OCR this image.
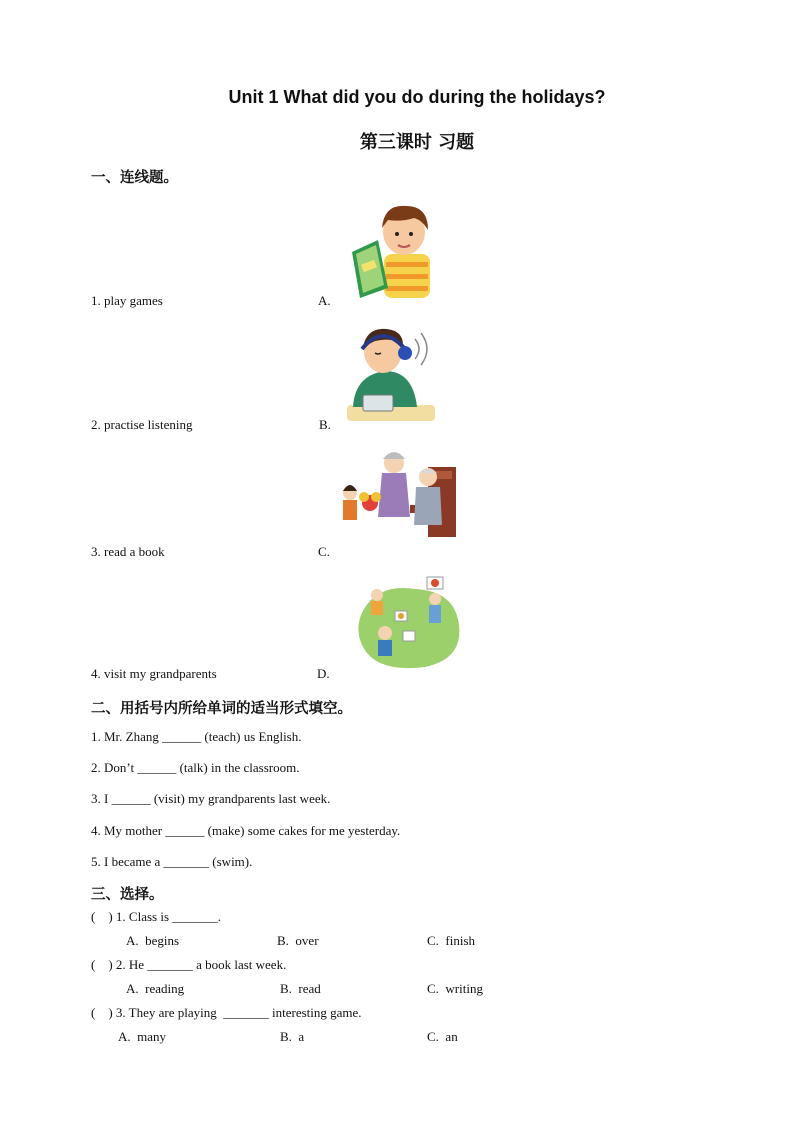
Unit 1 What did you do during the holidays?
第三课时 习题
一、连线题。
1. play games	A.
2. practise listening	B.
3. read a book	C.
4. visit my grandparents	D.
二、用括号内所给单词的适当形式填空。
1. Mr. Zhang ______ (teach) us English.
2. Don’t ______ (talk) in the classroom.
3. I ______ (visit) my grandparents last week.
4. My mother ______ (make) some cakes for me yesterday.
5. I became a _______ (swim).
三、选择。
(    ) 1. Class is _______.
A.  begins	B.  over	C.  finish
(    ) 2. He _______ a book last week.
A.  reading	B.  read	C.  writing
(    ) 3. They are playing  _______ interesting game.
A.  many	B.  a	C.  an
